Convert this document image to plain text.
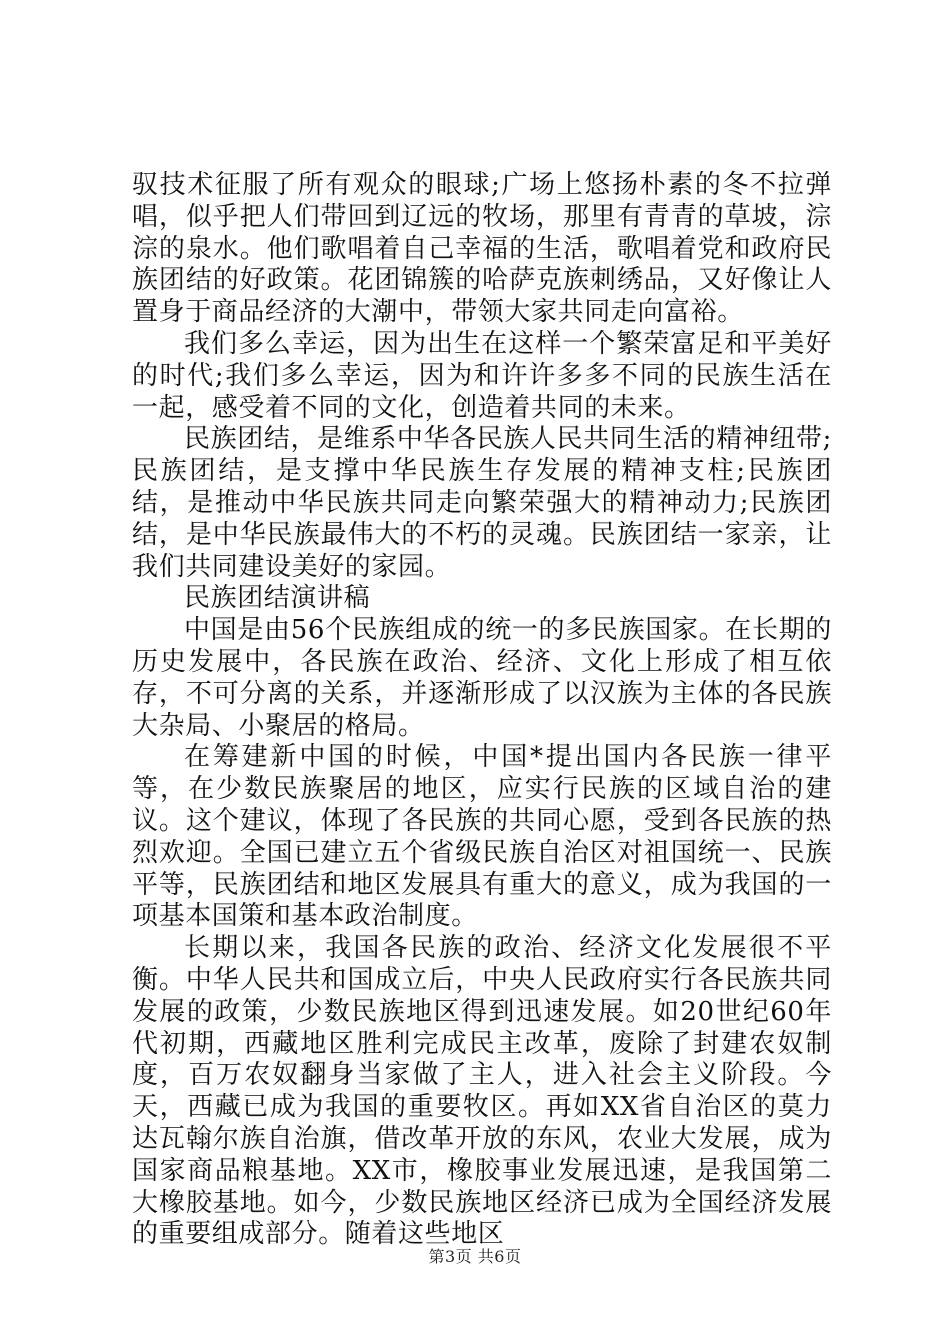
驭技术征服了所有观众的眼球;广场上悠扬朴素的冬不拉弹唱，似乎把人们带回到辽远的牧场，那里有青青的草坡，淙淙的泉水。他们歌唱着自己幸福的生活，歌唱着党和政府民族团结的好政策。花团锦簇的哈萨克族刺绣品，又好像让人置身于商品经济的大潮中，带领大家共同走向富裕。

我们多么幸运，因为出生在这样一个繁荣富足和平美好的时代;我们多么幸运，因为和许许多多不同的民族生活在一起，感受着不同的文化，创造着共同的未来。

民族团结，是维系中华各民族人民共同生活的精神纽带;民族团结，是支撑中华民族生存发展的精神支柱;民族团结，是推动中华民族共同走向繁荣强大的精神动力;民族团结，是中华民族最伟大的不朽的灵魂。民族团结一家亲，让我们共同建设美好的家园。

民族团结演讲稿

中国是由56个民族组成的统一的多民族国家。在长期的历史发展中，各民族在政治、经济、文化上形成了相互依存，不可分离的关系，并逐渐形成了以汉族为主体的各民族大杂局、小聚居的格局。

在筹建新中国的时候，中国*提出国内各民族一律平等，在少数民族聚居的地区，应实行民族的区域自治的建议。这个建议，体现了各民族的共同心愿，受到各民族的热烈欢迎。全国已建立五个省级民族自治区对祖国统一、民族平等，民族团结和地区发展具有重大的意义，成为我国的一项基本国策和基本政治制度。

长期以来，我国各民族的政治、经济文化发展很不平衡。中华人民共和国成立后，中央人民政府实行各民族共同发展的政策，少数民族地区得到迅速发展。如20世纪60年代初期，西藏地区胜利完成民主改革，废除了封建农奴制度，百万农奴翻身当家做了主人，进入社会主义阶段。今天，西藏已成为我国的重要牧区。再如XX省自治区的莫力达瓦翰尔族自治旗，借改革开放的东风，农业大发展，成为国家商品粮基地。XX市，橡胶事业发展迅速，是我国第二大橡胶基地。如今，少数民族地区经济已成为全国经济发展的重要组成部分。随着这些地区

第3页 共6页
